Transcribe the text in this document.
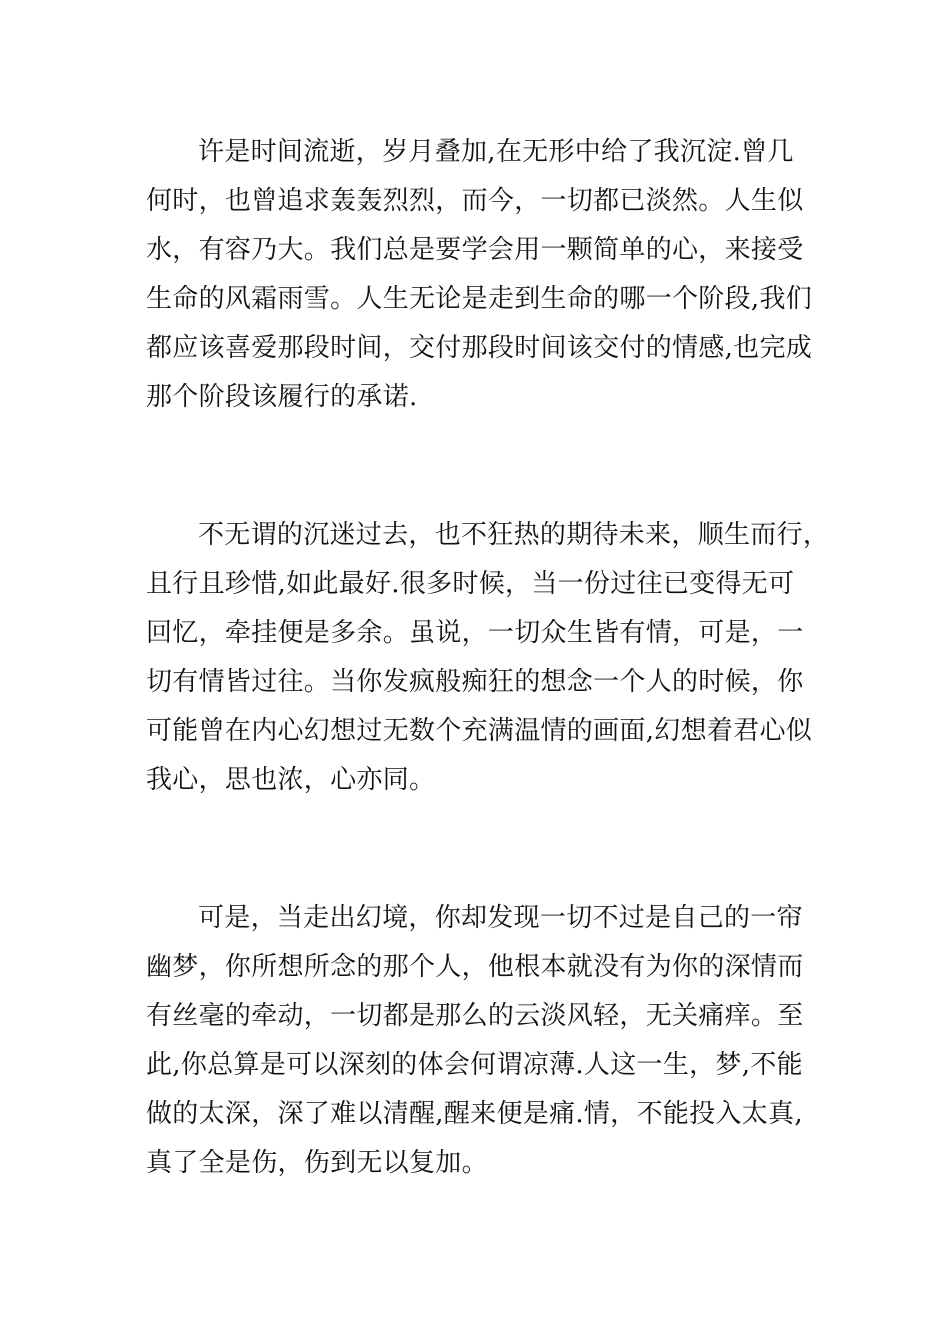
许是时间流逝，岁月叠加,在无形中给了我沉淀.曾几
何时，也曾追求轰轰烈烈，而今，一切都已淡然。人生似
水，有容乃大。我们总是要学会用一颗简单的心，来接受
生命的风霜雨雪。人生无论是走到生命的哪一个阶段,我们
都应该喜爱那段时间，交付那段时间该交付的情感,也完成
那个阶段该履行的承诺.

不无谓的沉迷过去，也不狂热的期待未来，顺生而行，
且行且珍惜,如此最好.很多时候，当一份过往已变得无可
回忆，牵挂便是多余。虽说，一切众生皆有情，可是，一
切有情皆过往。当你发疯般痴狂的想念一个人的时候，你
可能曾在内心幻想过无数个充满温情的画面,幻想着君心似
我心，思也浓，心亦同。

可是，当走出幻境，你却发现一切不过是自己的一帘
幽梦，你所想所念的那个人，他根本就没有为你的深情而
有丝毫的牵动，一切都是那么的云淡风轻，无关痛痒。至
此,你总算是可以深刻的体会何谓凉薄.人这一生，梦,不能
做的太深，深了难以清醒,醒来便是痛.情，不能投入太真,
真了全是伤，伤到无以复加。
